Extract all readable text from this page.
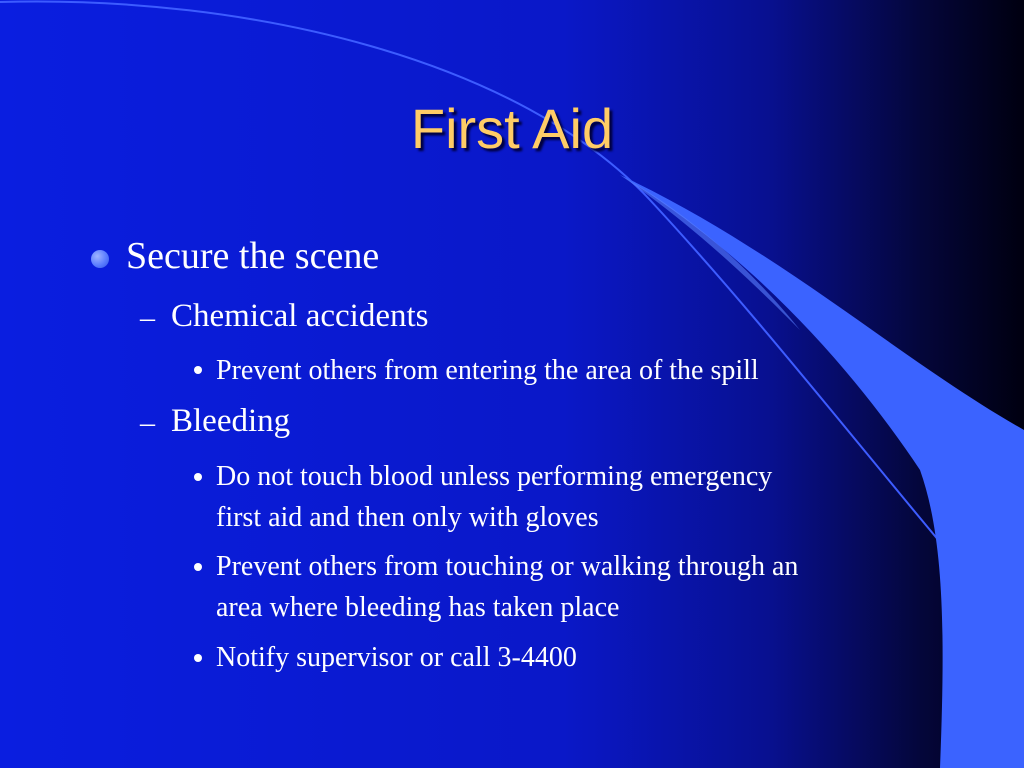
First Aid
Secure the scene
– Chemical accidents
Prevent others from entering the area of the spill
– Bleeding
Do not touch blood unless performing emergency
first aid and then only with gloves
Prevent others from touching or walking through an
area where bleeding has taken place
Notify supervisor or call 3-4400
